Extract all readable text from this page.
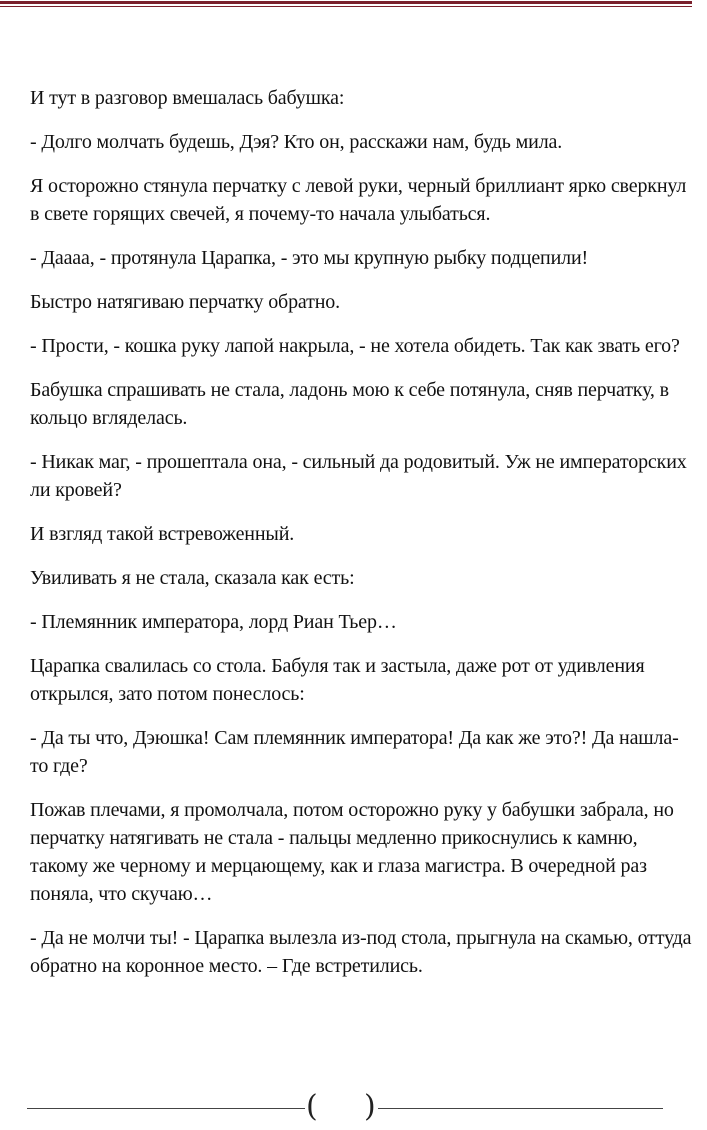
И тут в разговор вмешалась бабушка:

- Долго молчать будешь, Дэя? Кто он, расскажи нам, будь мила.

Я осторожно стянула перчатку с левой руки, черный бриллиант ярко сверкнул в свете горящих свечей, я почему-то начала улыбаться.

- Даааа, - протянула Царапка, - это мы крупную рыбку подцепили!

Быстро натягиваю перчатку обратно.

- Прости, - кошка руку лапой накрыла, - не хотела обидеть. Так как звать его?

Бабушка спрашивать не стала, ладонь мою к себе потянула, сняв перчатку, в кольцо вгляделась.

- Никак маг, - прошептала она, - сильный да родовитый. Уж не императорских ли кровей?

И взгляд такой встревоженный.

Увиливать я не стала, сказала как есть:

- Племянник императора, лорд Риан Тьер…

Царапка свалилась со стола. Бабуля так и застыла, даже рот от удивления открылся, зато потом понеслось:

- Да ты что, Дэюшка! Сам племянник императора! Да как же это?! Да нашла-то где?

Пожав плечами, я промолчала, потом осторожно руку у бабушки забрала, но перчатку натягивать не стала - пальцы медленно прикоснулись к камню, такому же черному и мерцающему, как и глаза магистра. В очередной раз поняла, что скучаю…

- Да не молчи ты! - Царапка вылезла из-под стола, прыгнула на скамью, оттуда обратно на коронное место. – Где встретились.

( )
